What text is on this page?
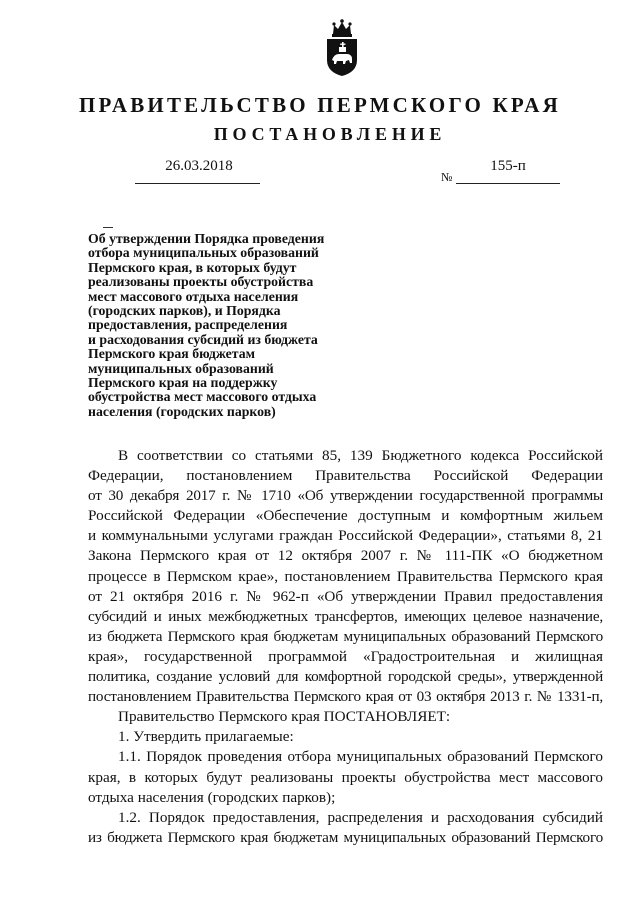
ПРАВИТЕЛЬСТВО ПЕРМСКОГО КРАЯ
ПОСТАНОВЛЕНИЕ
26.03.2018
№
155-п
Об утверждении Порядка проведения
отбора муниципальных образований
Пермского края, в которых будут
реализованы проекты обустройства
мест массового отдыха населения
(городских парков), и Порядка
предоставления, распределения
и расходования субсидий из бюджета
Пермского края бюджетам
муниципальных образований
Пермского края на поддержку
обустройства мест массового отдыха
населения (городских парков)
В соответствии со статьями 85, 139 Бюджетного кодекса Российской
Федерации, постановлением Правительства Российской Федерации
от 30 декабря 2017 г. № 1710 «Об утверждении государственной программы
Российской Федерации «Обеспечение доступным и комфортным жильем
и коммунальными услугами граждан Российской Федерации», статьями 8, 21
Закона Пермского края от 12 октября 2007 г. № 111-ПК «О бюджетном
процессе в Пермском крае», постановлением Правительства Пермского края
от 21 октября 2016 г. № 962-п «Об утверждении Правил предоставления
субсидий и иных межбюджетных трансфертов, имеющих целевое назначение,
из бюджета Пермского края бюджетам муниципальных образований Пермского
края», государственной программой «Градостроительная и жилищная
политика, создание условий для комфортной городской среды», утвержденной
постановлением Правительства Пермского края от 03 октября 2013 г. № 1331-п,
Правительство Пермского края ПОСТАНОВЛЯЕТ:
1. Утвердить прилагаемые:
1.1. Порядок проведения отбора муниципальных образований Пермского
края, в которых будут реализованы проекты обустройства мест массового
отдыха населения (городских парков);
1.2. Порядок предоставления, распределения и расходования субсидий
из бюджета Пермского края бюджетам муниципальных образований Пермского
